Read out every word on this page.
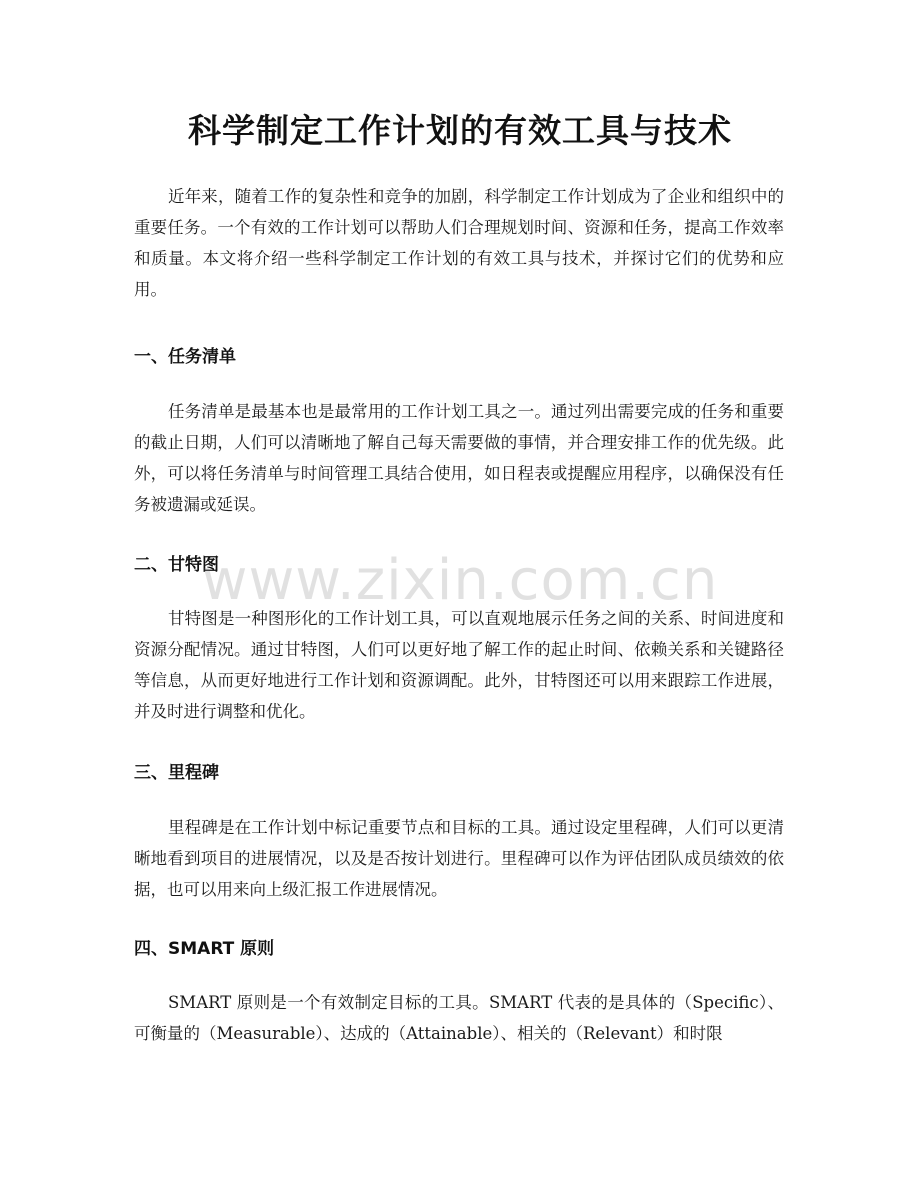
科学制定工作计划的有效工具与技术

近年来，随着工作的复杂性和竞争的加剧，科学制定工作计划成为了企业和组织中的重要任务。一个有效的工作计划可以帮助人们合理规划时间、资源和任务，提高工作效率和质量。本文将介绍一些科学制定工作计划的有效工具与技术，并探讨它们的优势和应用。

一、任务清单

任务清单是最基本也是最常用的工作计划工具之一。通过列出需要完成的任务和重要的截止日期，人们可以清晰地了解自己每天需要做的事情，并合理安排工作的优先级。此外，可以将任务清单与时间管理工具结合使用，如日程表或提醒应用程序，以确保没有任务被遗漏或延误。

二、甘特图

甘特图是一种图形化的工作计划工具，可以直观地展示任务之间的关系、时间进度和资源分配情况。通过甘特图，人们可以更好地了解工作的起止时间、依赖关系和关键路径等信息，从而更好地进行工作计划和资源调配。此外，甘特图还可以用来跟踪工作进展，并及时进行调整和优化。

三、里程碑

里程碑是在工作计划中标记重要节点和目标的工具。通过设定里程碑，人们可以更清晰地看到项目的进展情况，以及是否按计划进行。里程碑可以作为评估团队成员绩效的依据，也可以用来向上级汇报工作进展情况。

四、SMART 原则

SMART 原则是一个有效制定目标的工具。SMART 代表的是具体的（Specific）、可衡量的（Measurable）、达成的（Attainable）、相关的（Relevant）和时限

www.zixin.com.cn
